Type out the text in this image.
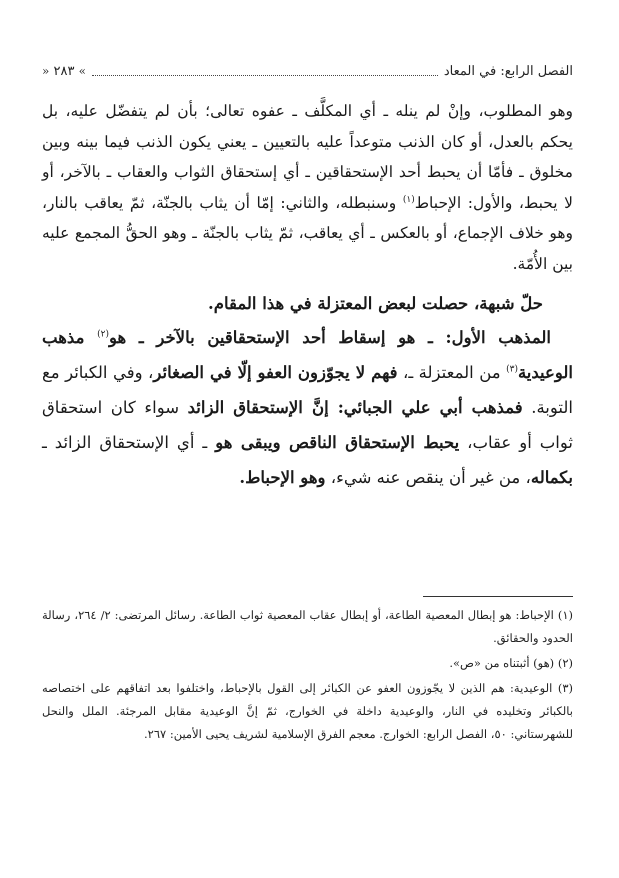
الفصل الرابع: في المعاد
» ٢٨٣ «

وهو المطلوب، وإنْ لم ينله ـ أي المكلَّف ـ عفوه تعالى؛ بأن لم يتفضّل عليه، بل يحكم بالعدل، أو كان الذنب متوعداً عليه بالتعيين ـ يعني يكون الذنب فيما بينه وبين مخلوق ـ فأمّا أن يحبط أحد الإستحقاقين ـ أي إستحقاق الثواب والعقاب ـ بالآخر، أو لا يحبط، والأول: الإحباط$^{(١)}$ وسنبطله، والثاني: إمّا أن يثاب بالجنّة، ثمّ يعاقب بالنار، وهو خلاف الإجماع، أو بالعكس ـ أي يعاقب، ثمّ يثاب بالجنّة ـ وهو الحقُّ المجمع عليه بين الأُمّة.

حلّ شبهة، حصلت لبعض المعتزلة في هذا المقام.

المذهب الأول: ـ هو إسقاط أحد الإستحقاقين بالآخر ـ هو$^{(٢)}$ مذهب الوعيدية$^{(٣)}$ من المعتزلة ـ، فهم لا يجوّزون العفو إلّا في الصغائر، وفي الكبائر مع التوبة. فمذهب أبي علي الجبائي: إنَّ الإستحقاق الزائد سواء كان استحقاق ثواب أو عقاب، يحبط الإستحقاق الناقص ويبقى هو ـ أي الإستحقاق الزائد ـ بكماله، من غير أن ينقص عنه شيء، وهو الإحباط.

(١) الإحباط: هو إبطال المعصية الطاعة، أو إبطال عقاب المعصية ثواب الطاعة. رسائل المرتضى: ٢/ ٢٦٤، رسالة الحدود والحقائق.

(٢) (هو) أثبتناه من «ص».

(٣) الوعيدية: هم الذين لا يجّوزون العفو عن الكبائر إلى القول بالإحباط، واختلفوا بعد اتفاقهم على اختصاصه بالكبائر وتخليده في النار، والوعيدية داخلة في الخوارج، ثمّ إنَّ الوعيدية مقابل المرجئة. الملل والنحل للشهرستاني: ٥٠، الفصل الرابع: الخوارج. معجم الفرق الإسلامية لشريف يحيى الأمين: ٢٦٧.
